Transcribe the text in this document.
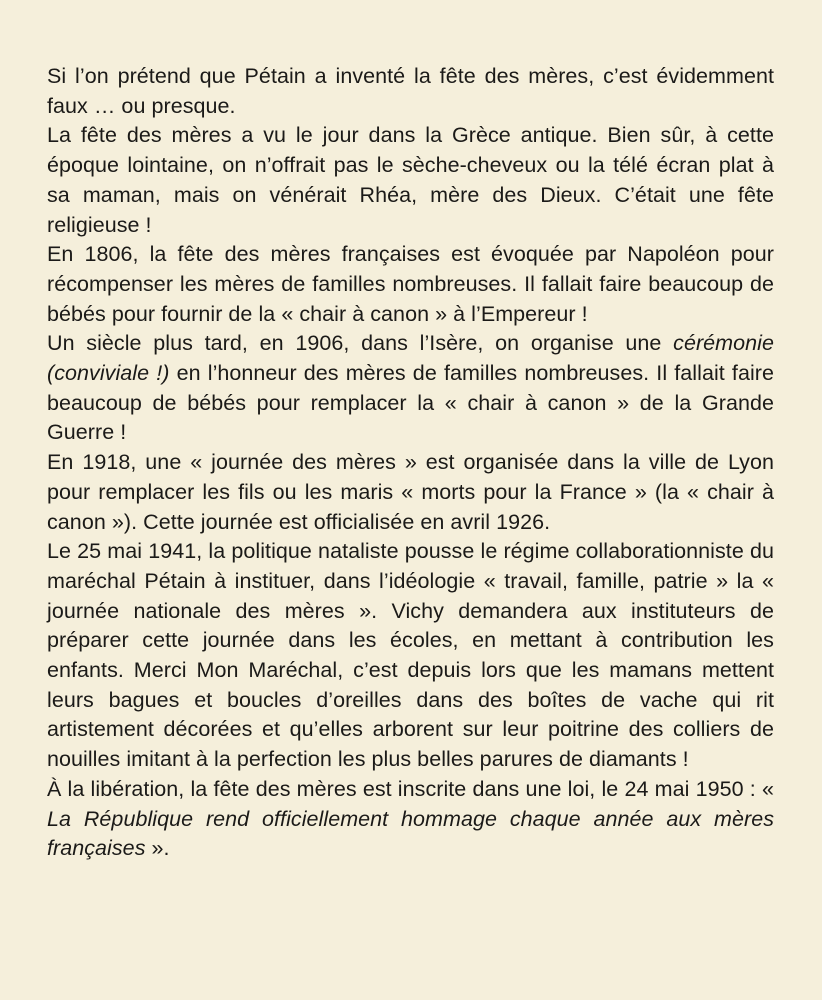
Si l’on prétend que Pétain a inventé la fête des mères, c’est évidemment faux … ou presque.

La fête des mères a vu le jour dans la Grèce antique. Bien sûr, à cette époque lointaine, on n’offrait pas le sèche-cheveux ou la télé écran plat à sa maman, mais on vénérait Rhéa, mère des Dieux. C’était une fête religieuse !

En 1806, la fête des mères françaises est évoquée par Napoléon pour récompenser les mères de familles nombreuses. Il fallait faire beaucoup de bébés pour fournir de la « chair à canon » à l’Empereur !

Un siècle plus tard, en 1906, dans l’Isère, on organise une cérémonie (conviviale !) en l’honneur des mères de familles nombreuses. Il fallait faire beaucoup de bébés pour remplacer la « chair à canon » de la Grande Guerre !

En 1918, une « journée des mères » est organisée dans la ville de Lyon pour remplacer les fils ou les maris « morts pour la France » (la « chair à canon »). Cette journée est officialisée en avril 1926.

Le 25 mai 1941, la politique nataliste pousse le régime collaborationniste du maréchal Pétain à instituer, dans l’idéologie « travail, famille, patrie » la « journée nationale des mères ». Vichy demandera aux instituteurs de préparer cette journée dans les écoles, en mettant à contribution les enfants. Merci Mon Maréchal, c’est depuis lors que les mamans mettent leurs bagues et boucles d’oreilles dans des boîtes de vache qui rit artistement décorées et qu’elles arborent sur leur poitrine des colliers de nouilles imitant à la perfection les plus belles parures de diamants !

À la libération, la fête des mères est inscrite dans une loi, le 24 mai 1950 : « La République rend officiellement hommage chaque année aux mères françaises ».
